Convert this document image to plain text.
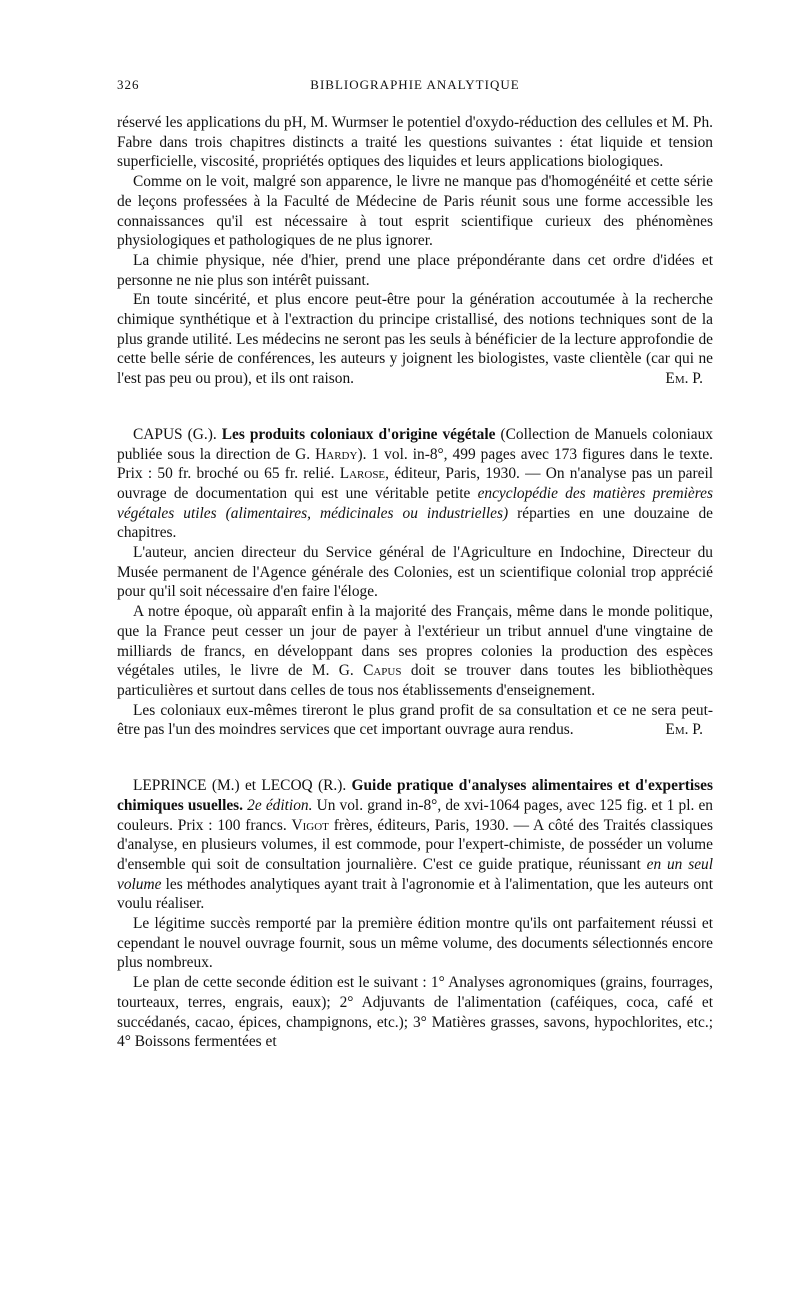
326	BIBLIOGRAPHIE ANALYTIQUE

réservé les applications du pH, M. Wurmser le potentiel d'oxydo-réduction des cellules et M. Ph. Fabre dans trois chapitres distincts a traité les questions suivantes : état liquide et tension superficielle, viscosité, propriétés optiques des liquides et leurs applications biologiques.

Comme on le voit, malgré son apparence, le livre ne manque pas d'homogénéité et cette série de leçons professées à la Faculté de Médecine de Paris réunit sous une forme accessible les connaissances qu'il est nécessaire à tout esprit scientifique curieux des phénomènes physiologiques et pathologiques de ne plus ignorer.

La chimie physique, née d'hier, prend une place prépondérante dans cet ordre d'idées et personne ne nie plus son intérêt puissant.

En toute sincérité, et plus encore peut-être pour la génération accoutumée à la recherche chimique synthétique et à l'extraction du principe cristallisé, des notions techniques sont de la plus grande utilité. Les médecins ne seront pas les seuls à bénéficier de la lecture approfondie de cette belle série de conférences, les auteurs y joignent les biologistes, vaste clientèle (car qui ne l'est pas peu ou prou), et ils ont raison.	Em. P.

CAPUS (G.). Les produits coloniaux d'origine végétale (Collection de Manuels coloniaux publiée sous la direction de G. Hardy). 1 vol. in-8°, 499 pages avec 173 figures dans le texte. Prix : 50 fr. broché ou 65 fr. relié. Larose, éditeur, Paris, 1930. — On n'analyse pas un pareil ouvrage de documentation qui est une véritable petite encyclopédie des matières premières végétales utiles (alimentaires, médicinales ou industrielles) réparties en une douzaine de chapitres.

L'auteur, ancien directeur du Service général de l'Agriculture en Indochine, Directeur du Musée permanent de l'Agence générale des Colonies, est un scientifique colonial trop apprécié pour qu'il soit nécessaire d'en faire l'éloge.

A notre époque, où apparaît enfin à la majorité des Français, même dans le monde politique, que la France peut cesser un jour de payer à l'extérieur un tribut annuel d'une vingtaine de milliards de francs, en développant dans ses propres colonies la production des espèces végétales utiles, le livre de M. G. Capus doit se trouver dans toutes les bibliothèques particulières et surtout dans celles de tous nos établissements d'enseignement.

Les coloniaux eux-mêmes tireront le plus grand profit de sa consultation et ce ne sera peut-être pas l'un des moindres services que cet important ouvrage aura rendus.	Em. P.

LEPRINCE (M.) et LECOQ (R.). Guide pratique d'analyses alimentaires et d'expertises chimiques usuelles. 2e édition. Un vol. grand in-8°, de xvi-1064 pages, avec 125 fig. et 1 pl. en couleurs. Prix : 100 francs. Vigot frères, éditeurs, Paris, 1930. — A côté des Traités classiques d'analyse, en plusieurs volumes, il est commode, pour l'expert-chimiste, de posséder un volume d'ensemble qui soit de consultation journalière. C'est ce guide pratique, réunissant en un seul volume les méthodes analytiques ayant trait à l'agronomie et à l'alimentation, que les auteurs ont voulu réaliser.

Le légitime succès remporté par la première édition montre qu'ils ont parfaitement réussi et cependant le nouvel ouvrage fournit, sous un même volume, des documents sélectionnés encore plus nombreux.

Le plan de cette seconde édition est le suivant : 1° Analyses agronomiques (grains, fourrages, tourteaux, terres, engrais, eaux); 2° Adjuvants de l'alimentation (caféiques, coca, café et succédanés, cacao, épices, champignons, etc.); 3° Matières grasses, savons, hypochlorites, etc.; 4° Boissons fermentées et
